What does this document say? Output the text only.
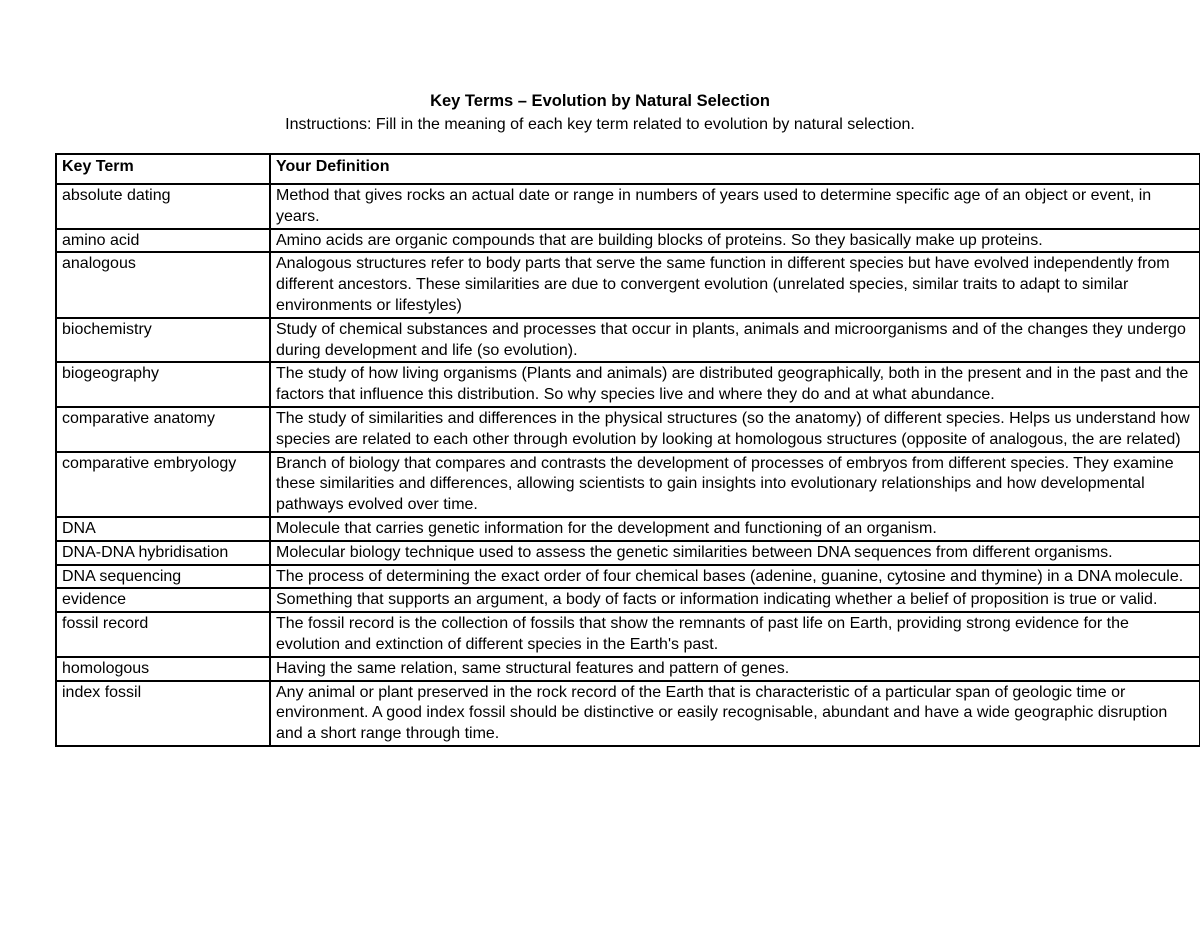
Key Terms – Evolution by Natural Selection

Instructions: Fill in the meaning of each key term related to evolution by natural selection.

Key Term	Your Definition
absolute dating	Method that gives rocks an actual date or range in numbers of years used to determine specific age of an object or event, in years.
amino acid	Amino acids are organic compounds that are building blocks of proteins. So they basically make up proteins.
analogous	Analogous structures refer to body parts that serve the same function in different species but have evolved independently from different ancestors. These similarities are due to convergent evolution (unrelated species, similar traits to adapt to similar environments or lifestyles)
biochemistry	Study of chemical substances and processes that occur in plants, animals and microorganisms and of the changes they undergo during development and life (so evolution).
biogeography	The study of how living organisms (Plants and animals) are distributed geographically, both in the present and in the past and the factors that influence this distribution. So why species live and where they do and at what abundance.
comparative anatomy	The study of similarities and differences in the physical structures (so the anatomy) of different species. Helps us understand how species are related to each other through evolution by looking at homologous structures (opposite of analogous, the are related)
comparative embryology	Branch of biology that compares and contrasts the development of processes of embryos from different species. They examine these similarities and differences, allowing scientists to gain insights into evolutionary relationships and how developmental pathways evolved over time.
DNA	Molecule that carries genetic information for the development and functioning of an organism.
DNA-DNA hybridisation	Molecular biology technique used to assess the genetic similarities between DNA sequences from different organisms.
DNA sequencing	The process of determining the exact order of four chemical bases (adenine, guanine, cytosine and thymine) in a DNA molecule.
evidence	Something that supports an argument, a body of facts or information indicating whether a belief of proposition is true or valid.
fossil record	The fossil record is the collection of fossils that show the remnants of past life on Earth, providing strong evidence for the evolution and extinction of different species in the Earth's past.
homologous	Having the same relation, same structural features and pattern of genes.
index fossil	Any animal or plant preserved in the rock record of the Earth that is characteristic of a particular span of geologic time or environment. A good index fossil should be distinctive or easily recognisable, abundant and have a wide geographic disruption and a short range through time.
